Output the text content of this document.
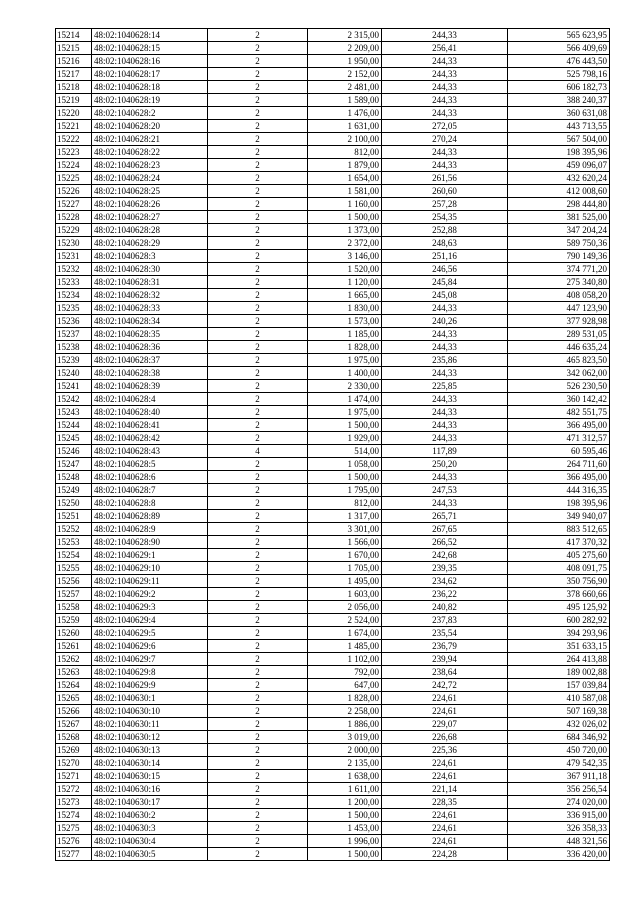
15214	48:02:1040628:14	2	2 315,00	244,33	565 623,95
15215	48:02:1040628:15	2	2 209,00	256,41	566 409,69
15216	48:02:1040628:16	2	1 950,00	244,33	476 443,50
15217	48:02:1040628:17	2	2 152,00	244,33	525 798,16
15218	48:02:1040628:18	2	2 481,00	244,33	606 182,73
15219	48:02:1040628:19	2	1 589,00	244,33	388 240,37
15220	48:02:1040628:2	2	1 476,00	244,33	360 631,08
15221	48:02:1040628:20	2	1 631,00	272,05	443 713,55
15222	48:02:1040628:21	2	2 100,00	270,24	567 504,00
15223	48:02:1040628:22	2	812,00	244,33	198 395,96
15224	48:02:1040628:23	2	1 879,00	244,33	459 096,07
15225	48:02:1040628:24	2	1 654,00	261,56	432 620,24
15226	48:02:1040628:25	2	1 581,00	260,60	412 008,60
15227	48:02:1040628:26	2	1 160,00	257,28	298 444,80
15228	48:02:1040628:27	2	1 500,00	254,35	381 525,00
15229	48:02:1040628:28	2	1 373,00	252,88	347 204,24
15230	48:02:1040628:29	2	2 372,00	248,63	589 750,36
15231	48:02:1040628:3	2	3 146,00	251,16	790 149,36
15232	48:02:1040628:30	2	1 520,00	246,56	374 771,20
15233	48:02:1040628:31	2	1 120,00	245,84	275 340,80
15234	48:02:1040628:32	2	1 665,00	245,08	408 058,20
15235	48:02:1040628:33	2	1 830,00	244,33	447 123,90
15236	48:02:1040628:34	2	1 573,00	240,26	377 928,98
15237	48:02:1040628:35	2	1 185,00	244,33	289 531,05
15238	48:02:1040628:36	2	1 828,00	244,33	446 635,24
15239	48:02:1040628:37	2	1 975,00	235,86	465 823,50
15240	48:02:1040628:38	2	1 400,00	244,33	342 062,00
15241	48:02:1040628:39	2	2 330,00	225,85	526 230,50
15242	48:02:1040628:4	2	1 474,00	244,33	360 142,42
15243	48:02:1040628:40	2	1 975,00	244,33	482 551,75
15244	48:02:1040628:41	2	1 500,00	244,33	366 495,00
15245	48:02:1040628:42	2	1 929,00	244,33	471 312,57
15246	48:02:1040628:43	4	514,00	117,89	60 595,46
15247	48:02:1040628:5	2	1 058,00	250,20	264 711,60
15248	48:02:1040628:6	2	1 500,00	244,33	366 495,00
15249	48:02:1040628:7	2	1 795,00	247,53	444 316,35
15250	48:02:1040628:8	2	812,00	244,33	198 395,96
15251	48:02:1040628:89	2	1 317,00	265,71	349 940,07
15252	48:02:1040628:9	2	3 301,00	267,65	883 512,65
15253	48:02:1040628:90	2	1 566,00	266,52	417 370,32
15254	48:02:1040629:1	2	1 670,00	242,68	405 275,60
15255	48:02:1040629:10	2	1 705,00	239,35	408 091,75
15256	48:02:1040629:11	2	1 495,00	234,62	350 756,90
15257	48:02:1040629:2	2	1 603,00	236,22	378 660,66
15258	48:02:1040629:3	2	2 056,00	240,82	495 125,92
15259	48:02:1040629:4	2	2 524,00	237,83	600 282,92
15260	48:02:1040629:5	2	1 674,00	235,54	394 293,96
15261	48:02:1040629:6	2	1 485,00	236,79	351 633,15
15262	48:02:1040629:7	2	1 102,00	239,94	264 413,88
15263	48:02:1040629:8	2	792,00	238,64	189 002,88
15264	48:02:1040629:9	2	647,00	242,72	157 039,84
15265	48:02:1040630:1	2	1 828,00	224,61	410 587,08
15266	48:02:1040630:10	2	2 258,00	224,61	507 169,38
15267	48:02:1040630:11	2	1 886,00	229,07	432 026,02
15268	48:02:1040630:12	2	3 019,00	226,68	684 346,92
15269	48:02:1040630:13	2	2 000,00	225,36	450 720,00
15270	48:02:1040630:14	2	2 135,00	224,61	479 542,35
15271	48:02:1040630:15	2	1 638,00	224,61	367 911,18
15272	48:02:1040630:16	2	1 611,00	221,14	356 256,54
15273	48:02:1040630:17	2	1 200,00	228,35	274 020,00
15274	48:02:1040630:2	2	1 500,00	224,61	336 915,00
15275	48:02:1040630:3	2	1 453,00	224,61	326 358,33
15276	48:02:1040630:4	2	1 996,00	224,61	448 321,56
15277	48:02:1040630:5	2	1 500,00	224,28	336 420,00
